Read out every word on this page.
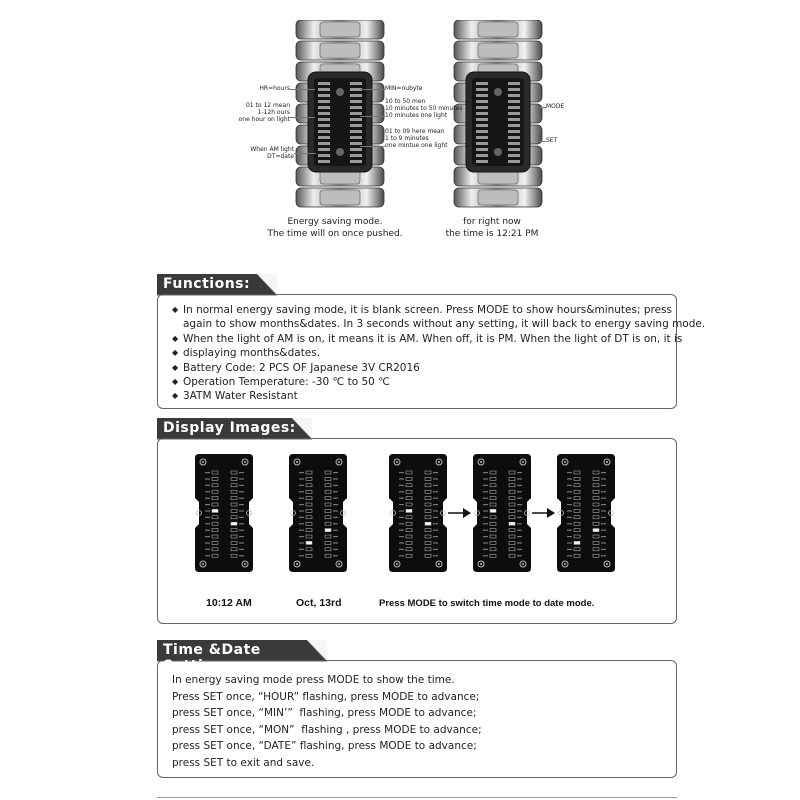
HR=hours
01 to 12 mean
1-12h ours
one hour on light
When AM light
DT=date
MIN=nubyte
10 to 50 men
10 minutes to 50 minutes
10 minutes one light
01 to 09 here mean
1 to 9 minutes
one mintue one light
MODE
SET
Energy saving mode.
The time will on once pushed.
for right now
the time is 12:21 PM
Functions:
◆ In normal energy saving mode, it is blank screen. Press MODE to show hours&minutes; press
again to show months&dates. In 3 seconds without any setting, it will back to energy saving mode.
◆ When the light of AM is on, it means it is AM. When off, it is PM. When the light of DT is on, it is
◆ displaying months&dates.
◆ Battery Code: 2 PCS OF Japanese 3V CR2016
◆ Operation Temperature: -30 ℃ to 50 ℃
◆ 3ATM Water Resistant
Display Images:
10:12 AM	Oct, 13rd	Press MODE to switch time mode to date mode.
Time &Date Setting:
In energy saving mode press MODE to show the time.
Press SET once, “HOUR” flashing, press MODE to advance;
press SET once, “MIN’”  flashing, press MODE to advance;
press SET once, “MON”  flashing , press MODE to advance;
press SET once, “DATE” flashing, press MODE to advance;
press SET to exit and save.
